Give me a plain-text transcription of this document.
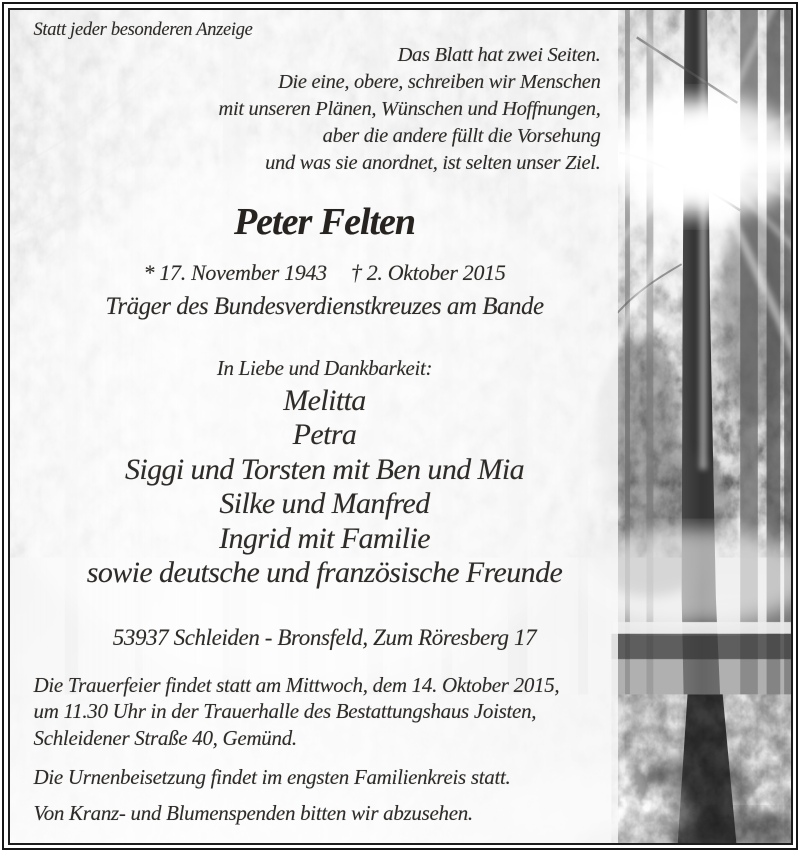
Statt jeder besonderen Anzeige
Das Blatt hat zwei Seiten.
Die eine, obere, schreiben wir Menschen
mit unseren Plänen, Wünschen und Hoffnungen,
aber die andere füllt die Vorsehung
und was sie anordnet, ist selten unser Ziel.
Peter Felten
* 17. November 1943 † 2. Oktober 2015
Träger des Bundesverdienstkreuzes am Bande
In Liebe und Dankbarkeit:
Melitta
Petra
Siggi und Torsten mit Ben und Mia
Silke und Manfred
Ingrid mit Familie
sowie deutsche und französische Freunde
53937 Schleiden - Bronsfeld, Zum Röresberg 17
Die Trauerfeier findet statt am Mittwoch, dem 14. Oktober 2015,
um 11.30 Uhr in der Trauerhalle des Bestattungshaus Joisten,
Schleidener Straße 40, Gemünd.
Die Urnenbeisetzung findet im engsten Familienkreis statt.
Von Kranz- und Blumenspenden bitten wir abzusehen.
